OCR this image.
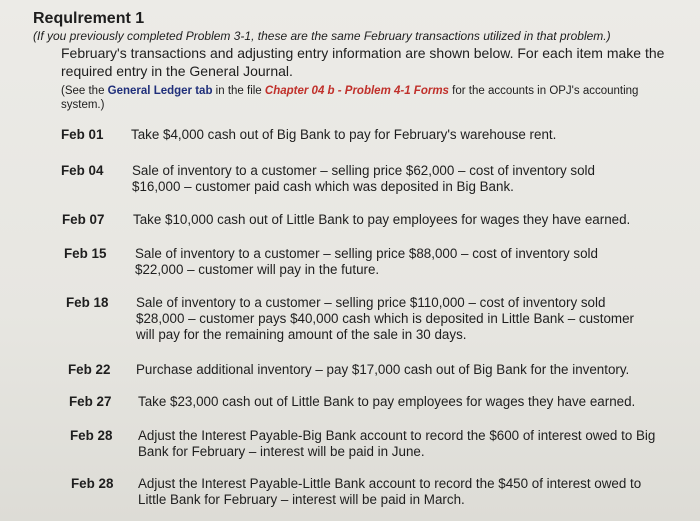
Requlrement 1
(If you previously completed Problem 3-1, these are the same February transactions utilized in that problem.)
February's transactions and adjusting entry information are shown below. For each item make the required entry in the General Journal.
(See the General Ledger tab in the file Chapter 04 b - Problem 4-1 Forms for the accounts in OPJ's accounting system.)
Feb 01 Take $4,000 cash out of Big Bank to pay for February's warehouse rent.
Feb 04 Sale of inventory to a customer – selling price $62,000 – cost of inventory sold $16,000 – customer paid cash which was deposited in Big Bank.
Feb 07 Take $10,000 cash out of Little Bank to pay employees for wages they have earned.
Feb 15 Sale of inventory to a customer – selling price $88,000 – cost of inventory sold $22,000 – customer will pay in the future.
Feb 18 Sale of inventory to a customer – selling price $110,000 – cost of inventory sold $28,000 – customer pays $40,000 cash which is deposited in Little Bank – customer will pay for the remaining amount of the sale in 30 days.
Feb 22 Purchase additional inventory – pay $17,000 cash out of Big Bank for the inventory.
Feb 27 Take $23,000 cash out of Little Bank to pay employees for wages they have earned.
Feb 28 Adjust the Interest Payable-Big Bank account to record the $600 of interest owed to Big Bank for February – interest will be paid in June.
Feb 28 Adjust the Interest Payable-Little Bank account to record the $450 of interest owed to Little Bank for February – interest will be paid in March.
